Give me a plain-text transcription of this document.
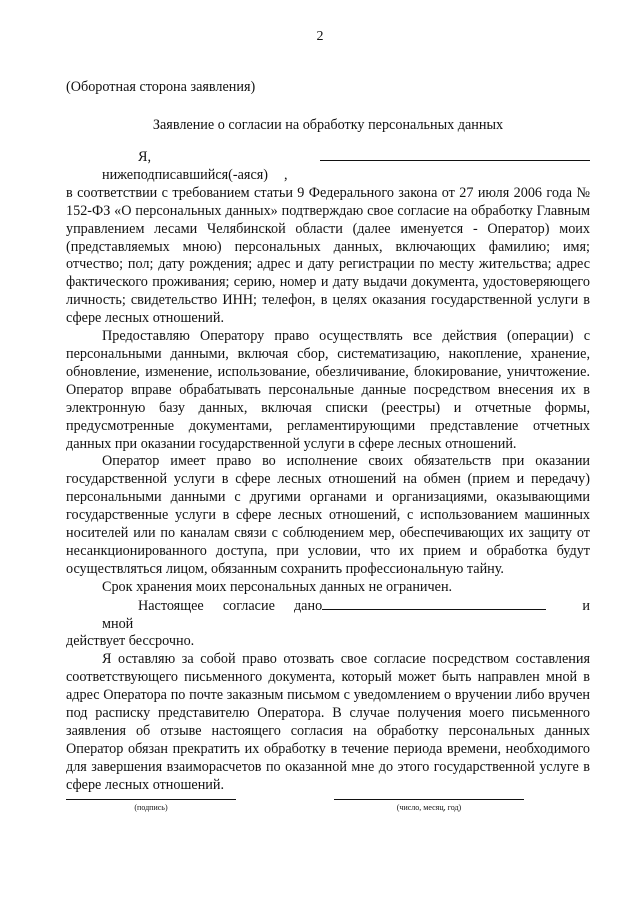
2
(Оборотная сторона заявления)
Заявление о согласии на обработку персональных данных

Я, нижеподписавшийся(-аяся)	,

в соответствии с требованием статьи 9 Федерального закона от 27 июля 2006 года № 152-ФЗ «О персональных данных» подтверждаю свое согласие на обработку Главным управлением лесами Челябинской области (далее именуется - Оператор) моих (представляемых мною) персональных данных, включающих фамилию; имя; отчество; пол; дату рождения; адрес и дату регистрации по месту жительства; адрес фактического проживания; серию, номер и дату выдачи документа, удостоверяющего личность; свидетельство ИНН; телефон, в целях оказания государственной услуги в сфере лесных отношений.

Предоставляю Оператору право осуществлять все действия (операции) с персональными данными, включая сбор, систематизацию, накопление, хранение, обновление, изменение, использование, обезличивание, блокирование, уничтожение. Оператор вправе обрабатывать персональные данные посредством внесения их в электронную базу данных, включая списки (реестры) и отчетные формы, предусмотренные документами, регламентирующими представление отчетных данных при оказании государственной услуги в сфере лесных отношений.

Оператор имеет право во исполнение своих обязательств при оказании государственной услуги в сфере лесных отношений на обмен (прием и передачу) персональными данными с другими органами и организациями, оказывающими государственные услуги в сфере лесных отношений, с использованием машинных носителей или по каналам связи с соблюдением мер, обеспечивающих их защиту от несанкционированного доступа, при условии, что их прием и обработка будут осуществляться лицом, обязанным сохранить профессиональную тайну.

Срок хранения моих персональных данных не ограничен.

Настоящее согласие дано мной
и

действует бессрочно.

Я оставляю за собой право отозвать свое согласие посредством составления соответствующего письменного документа, который может быть направлен мной в адрес Оператора по почте заказным письмом с уведомлением о вручении либо вручен под расписку представителю Оператора. В случае получения моего письменного заявления об отзыве настоящего согласия на обработку персональных данных Оператор обязан прекратить их обработку в течение периода времени, необходимого для завершения взаиморасчетов по оказанной мне до этого государственной услуге в сфере лесных отношений.

(подпись)	(число, месяц, год)
